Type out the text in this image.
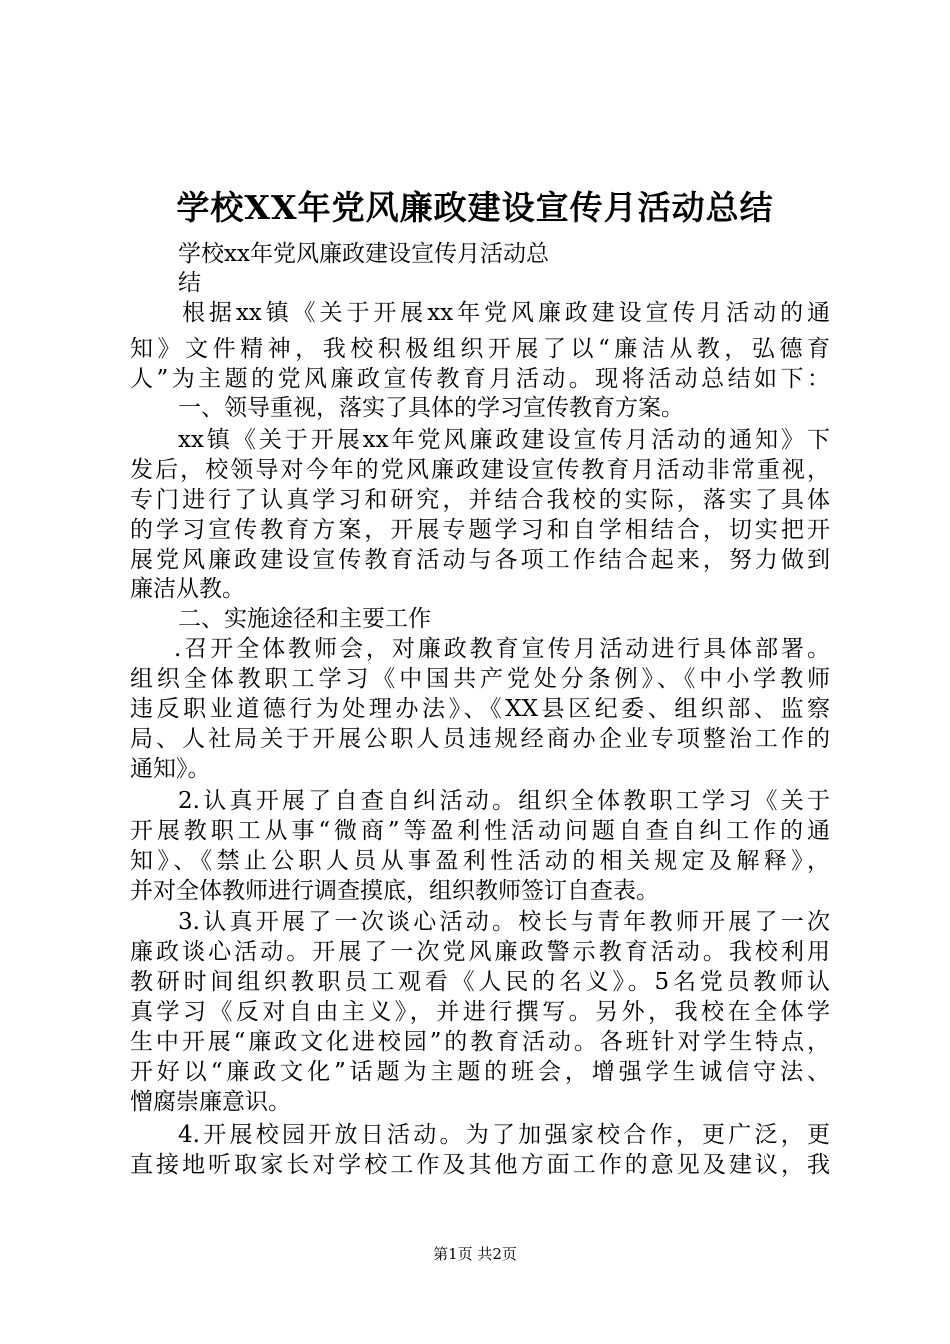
学校XX年党风廉政建设宣传月活动总结
学校xx年党风廉政建设宣传月活动总
结
根据xx镇《关于开展xx年党风廉政建设宣传月活动的通
知》文件精神，我校积极组织开展了以“廉洁从教，弘德育
人”为主题的党风廉政宣传教育月活动。现将活动总结如下：
一、领导重视，落实了具体的学习宣传教育方案。
xx镇《关于开展xx年党风廉政建设宣传月活动的通知》下
发后，校领导对今年的党风廉政建设宣传教育月活动非常重视，
专门进行了认真学习和研究，并结合我校的实际，落实了具体
的学习宣传教育方案，开展专题学习和自学相结合，切实把开
展党风廉政建设宣传教育活动与各项工作结合起来，努力做到
廉洁从教。
二、实施途径和主要工作
.召开全体教师会，对廉政教育宣传月活动进行具体部署。
组织全体教职工学习《中国共产党处分条例》、《中小学教师
违反职业道德行为处理办法》、《XX县区纪委、组织部、监察
局、人社局关于开展公职人员违规经商办企业专项整治工作的
通知》。
2.认真开展了自查自纠活动。组织全体教职工学习《关于
开展教职工从事“微商”等盈利性活动问题自查自纠工作的通
知》、《禁止公职人员从事盈利性活动的相关规定及解释》，
并对全体教师进行调查摸底，组织教师签订自查表。
3.认真开展了一次谈心活动。校长与青年教师开展了一次
廉政谈心活动。开展了一次党风廉政警示教育活动。我校利用
教研时间组织教职员工观看《人民的名义》。5名党员教师认
真学习《反对自由主义》，并进行撰写。另外，我校在全体学
生中开展“廉政文化进校园”的教育活动。各班针对学生特点，
开好以“廉政文化”话题为主题的班会，增强学生诚信守法、
憎腐崇廉意识。
4.开展校园开放日活动。为了加强家校合作，更广泛，更
直接地听取家长对学校工作及其他方面工作的意见及建议，我
第1页 共2页
